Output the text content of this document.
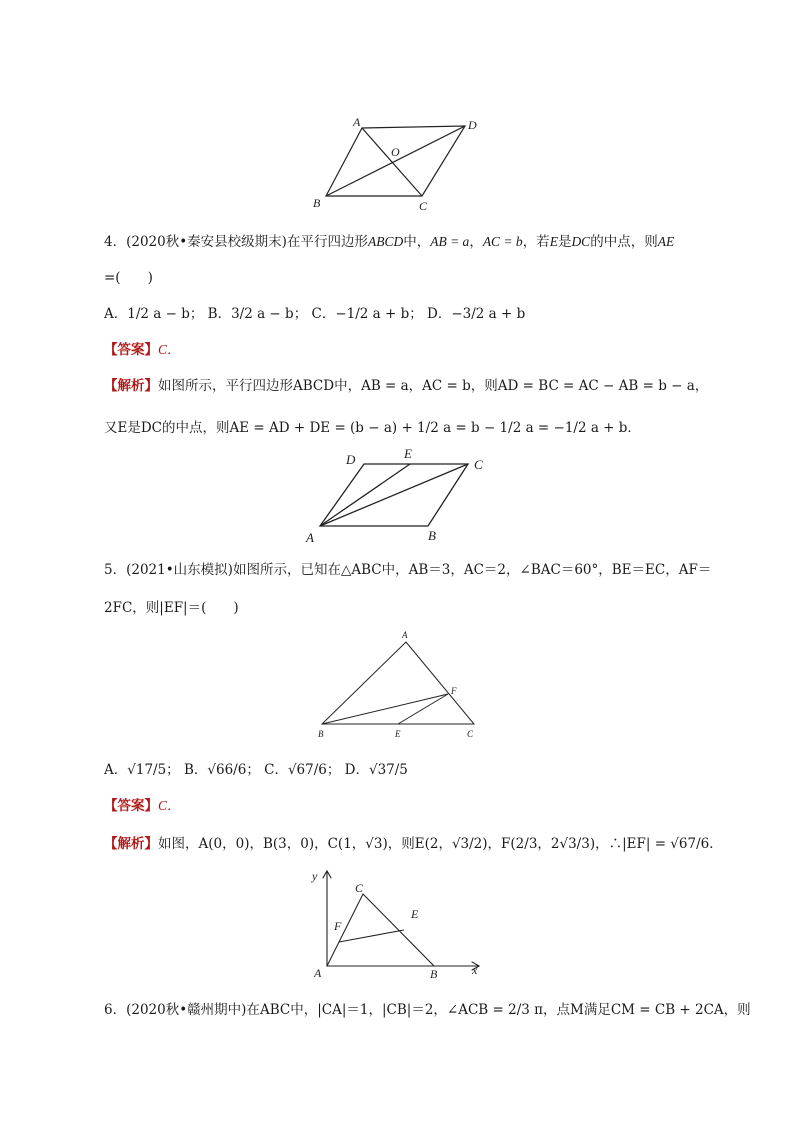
A	D
O
B	C
4．(2020秋•秦安县校级期末)在平行四边形ABCD中，AB = a，AC = b，若E是DC的中点，则AE
=(　　)
A．1/2 a − b； B．3/2 a − b； C．−1/2 a + b； D．−3/2 a + b
【答案】C．
【解析】如图所示，平行四边形ABCD中，AB = a，AC = b，则AD = BC = AC − AB = b − a，
又E是DC的中点，则AE = AD + DE = (b − a) + 1/2 a = b − 1/2 a = −1/2 a + b．
D	E
C
A	B
5．(2021•山东模拟)如图所示，已知在△ABC中，AB＝3，AC＝2，∠BAC＝60°，BE＝EC，AF＝
2FC，则|EF|＝(　　)
A
F
B	E	C
A．√17/5； B．√66/6； C．√67/6； D．√37/5
【答案】C．
【解析】如图，A(0，0)，B(3，0)，C(1，√3)，则E(2，√3/2)，F(2/3，2√3/3)，∴|EF| = √67/6．
y
x
C
E
F
A	B
6．(2020秋•赣州期中)在ABC中，|CA|＝1，|CB|＝2，∠ACB = 2/3 π，点M满足CM = CB + 2CA，则
